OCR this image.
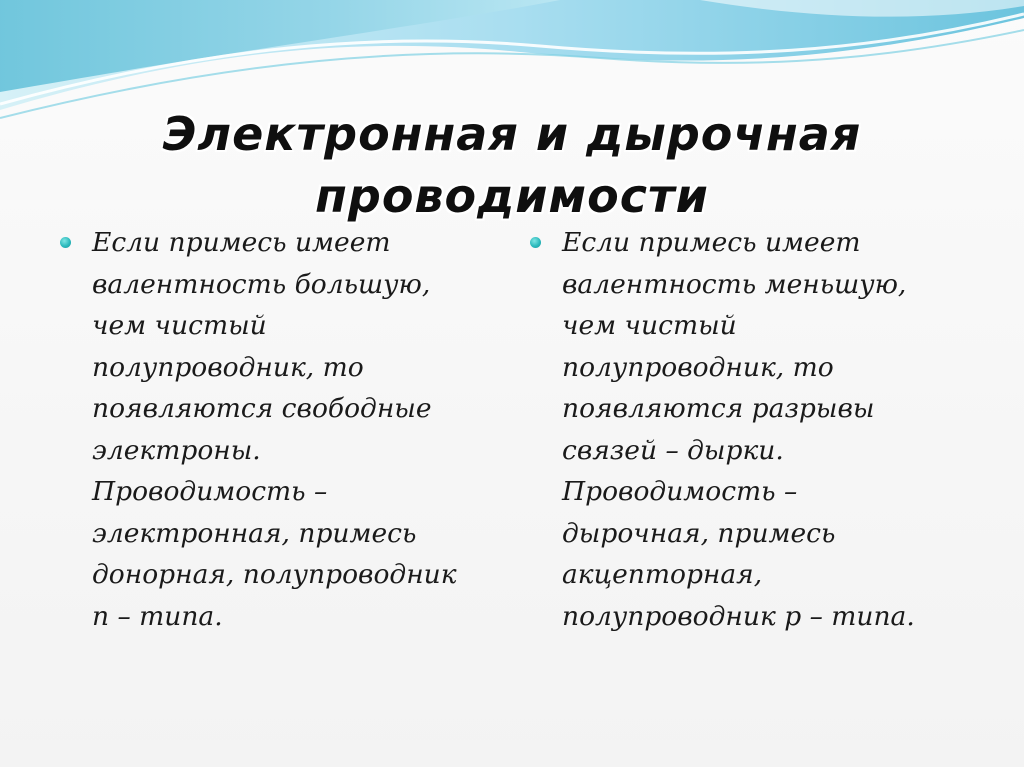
Электронная и дырочная
проводимости
Если примесь имеет
валентность большую,
чем чистый
полупроводник, то
появляются свободные
электроны.
Проводимость –
электронная, примесь
донорная, полупроводник
n – типа.
Если примесь имеет
валентность меньшую,
чем чистый
полупроводник, то
появляются разрывы
связей – дырки.
Проводимость –
дырочная, примесь
акцепторная,
полупроводник p – типа.
